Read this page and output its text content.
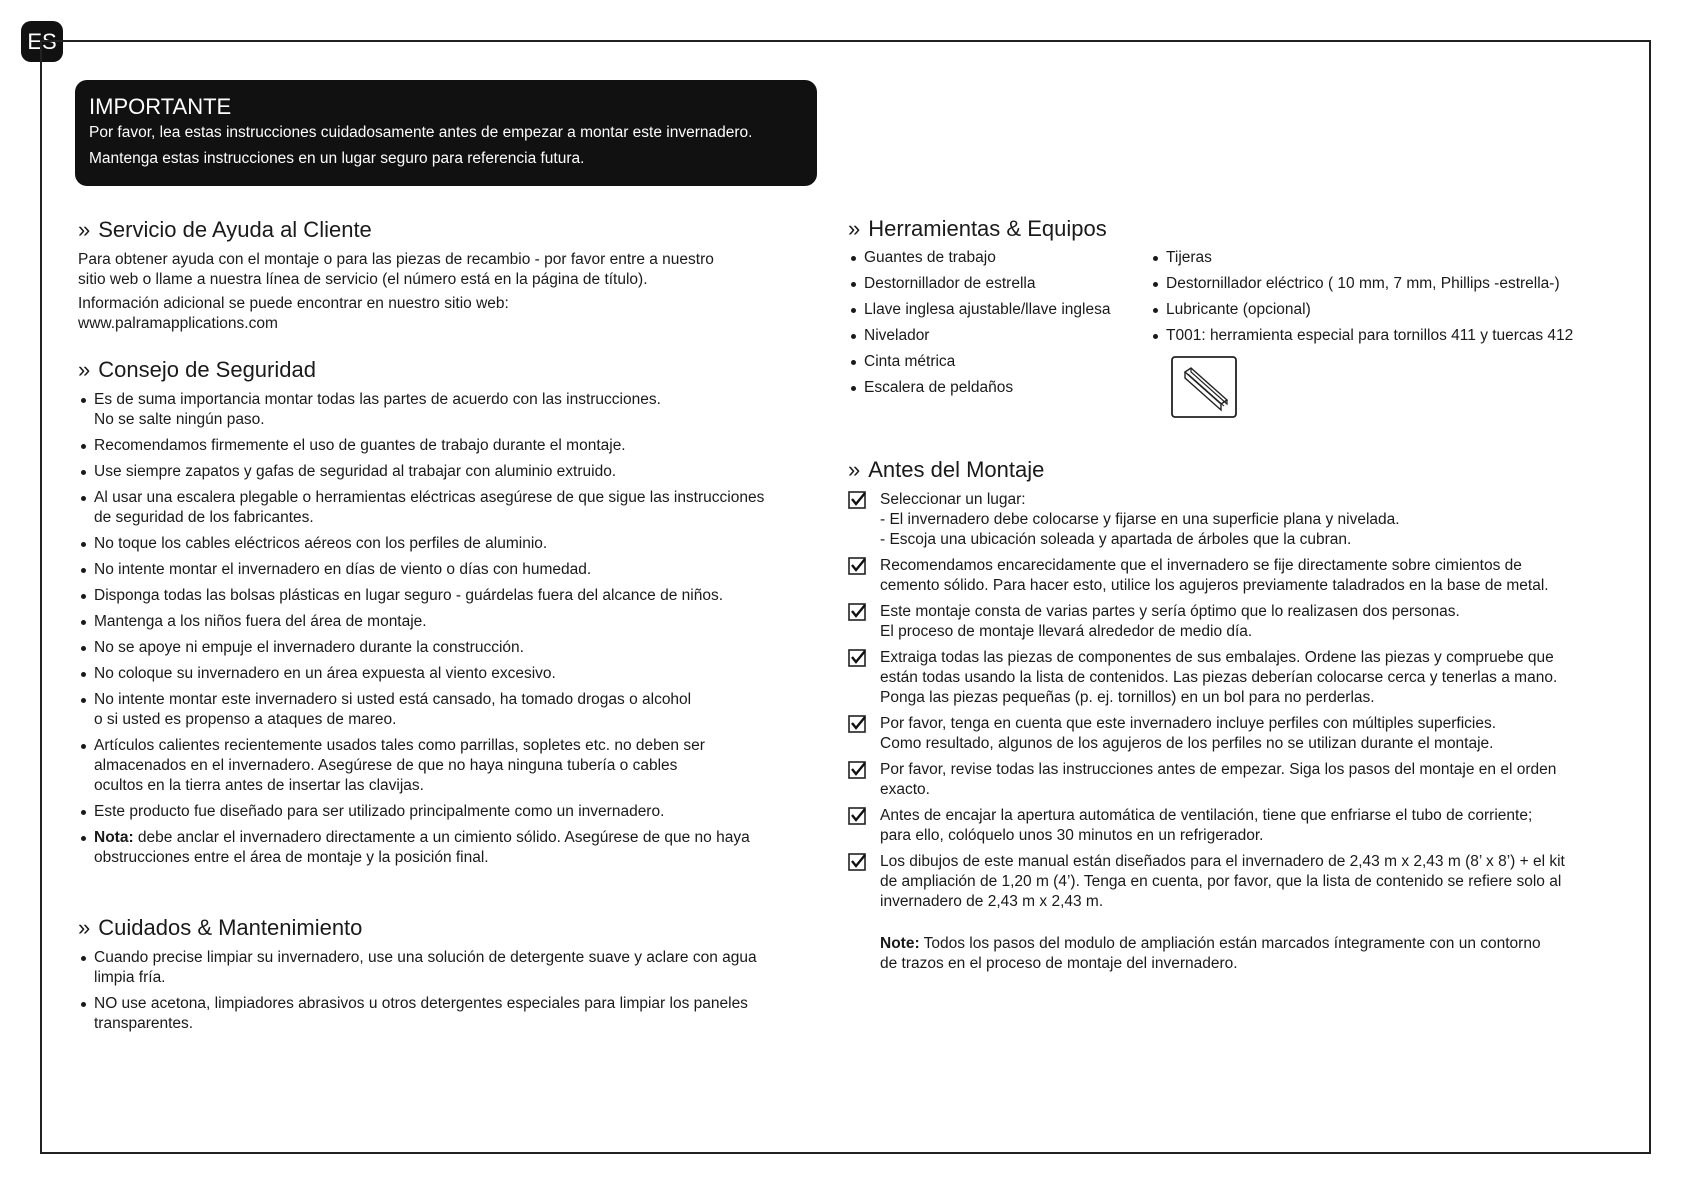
ES
IMPORTANTE
Por favor, lea estas instrucciones cuidadosamente antes de empezar a montar este invernadero.
Mantenga estas instrucciones en un lugar seguro para referencia futura.
» Servicio de Ayuda al Cliente

Para obtener ayuda con el montaje o para las piezas de recambio - por favor entre a nuestro
sitio web o llame a nuestra línea de servicio (el número está en la página de título).

Información adicional se puede encontrar en nuestro sitio web:
www.palramapplications.com

» Consejo de Seguridad
Es de suma importancia montar todas las partes de acuerdo con las instrucciones.
No se salte ningún paso.
Recomendamos firmemente el uso de guantes de trabajo durante el montaje.
Use siempre zapatos y gafas de seguridad al trabajar con aluminio extruido.
Al usar una escalera plegable o herramientas eléctricas asegúrese de que sigue las instrucciones
de seguridad de los fabricantes.
No toque los cables eléctricos aéreos con los perfiles de aluminio.
No intente montar el invernadero en días de viento o días con humedad.
Disponga todas las bolsas plásticas en lugar seguro - guárdelas fuera del alcance de niños.
Mantenga a los niños fuera del área de montaje.
No se apoye ni empuje el invernadero durante la construcción.
No coloque su invernadero en un área expuesta al viento excesivo.
No intente montar este invernadero si usted está cansado, ha tomado drogas o alcohol
o si usted es propenso a ataques de mareo.
Artículos calientes recientemente usados tales como parrillas, sopletes etc. no deben ser
almacenados en el invernadero. Asegúrese de que no haya ninguna tubería o cables
ocultos en la tierra antes de insertar las clavijas.
Este producto fue diseñado para ser utilizado principalmente como un invernadero.
Nota: debe anclar el invernadero directamente a un cimiento sólido. Asegúrese de que no haya
obstrucciones entre el área de montaje y la posición final.
» Cuidados & Mantenimiento
Cuando precise limpiar su invernadero, use una solución de detergente suave y aclare con agua
limpia fría.
NO use acetona, limpiadores abrasivos u otros detergentes especiales para limpiar los paneles
transparentes.
» Herramientas & Equipos
Guantes de trabajo
Destornillador de estrella
Llave inglesa ajustable/llave inglesa
Nivelador
Cinta métrica
Escalera de peldaños
Tijeras
Destornillador eléctrico ( 10 mm, 7 mm, Phillips -estrella-)
Lubricante (opcional)
T001: herramienta especial para tornillos 411 y tuercas 412
» Antes del Montaje
Seleccionar un lugar:
- El invernadero debe colocarse y fijarse en una superficie plana y nivelada.
- Escoja una ubicación soleada y apartada de árboles que la cubran.
Recomendamos encarecidamente que el invernadero se fije directamente sobre cimientos de
cemento sólido. Para hacer esto, utilice los agujeros previamente taladrados en la base de metal.
Este montaje consta de varias partes y sería óptimo que lo realizasen dos personas.
El proceso de montaje llevará alrededor de medio día.
Extraiga todas las piezas de componentes de sus embalajes. Ordene las piezas y compruebe que
están todas usando la lista de contenidos. Las piezas deberían colocarse cerca y tenerlas a mano.
Ponga las piezas pequeñas (p. ej. tornillos) en un bol para no perderlas.
Por favor, tenga en cuenta que este invernadero incluye perfiles con múltiples superficies.
Como resultado, algunos de los agujeros de los perfiles no se utilizan durante el montaje.
Por favor, revise todas las instrucciones antes de empezar. Siga los pasos del montaje en el orden
exacto.
Antes de encajar la apertura automática de ventilación, tiene que enfriarse el tubo de corriente;
para ello, colóquelo unos 30 minutos en un refrigerador.
Los dibujos de este manual están diseñados para el invernadero de 2,43 m x 2,43 m (8’ x 8’) + el kit
de ampliación de 1,20 m (4’). Tenga en cuenta, por favor, que la lista de contenido se refiere solo al
invernadero de 2,43 m x 2,43 m.

Note: Todos los pasos del modulo de ampliación están marcados íntegramente con un contorno
de trazos en el proceso de montaje del invernadero.
